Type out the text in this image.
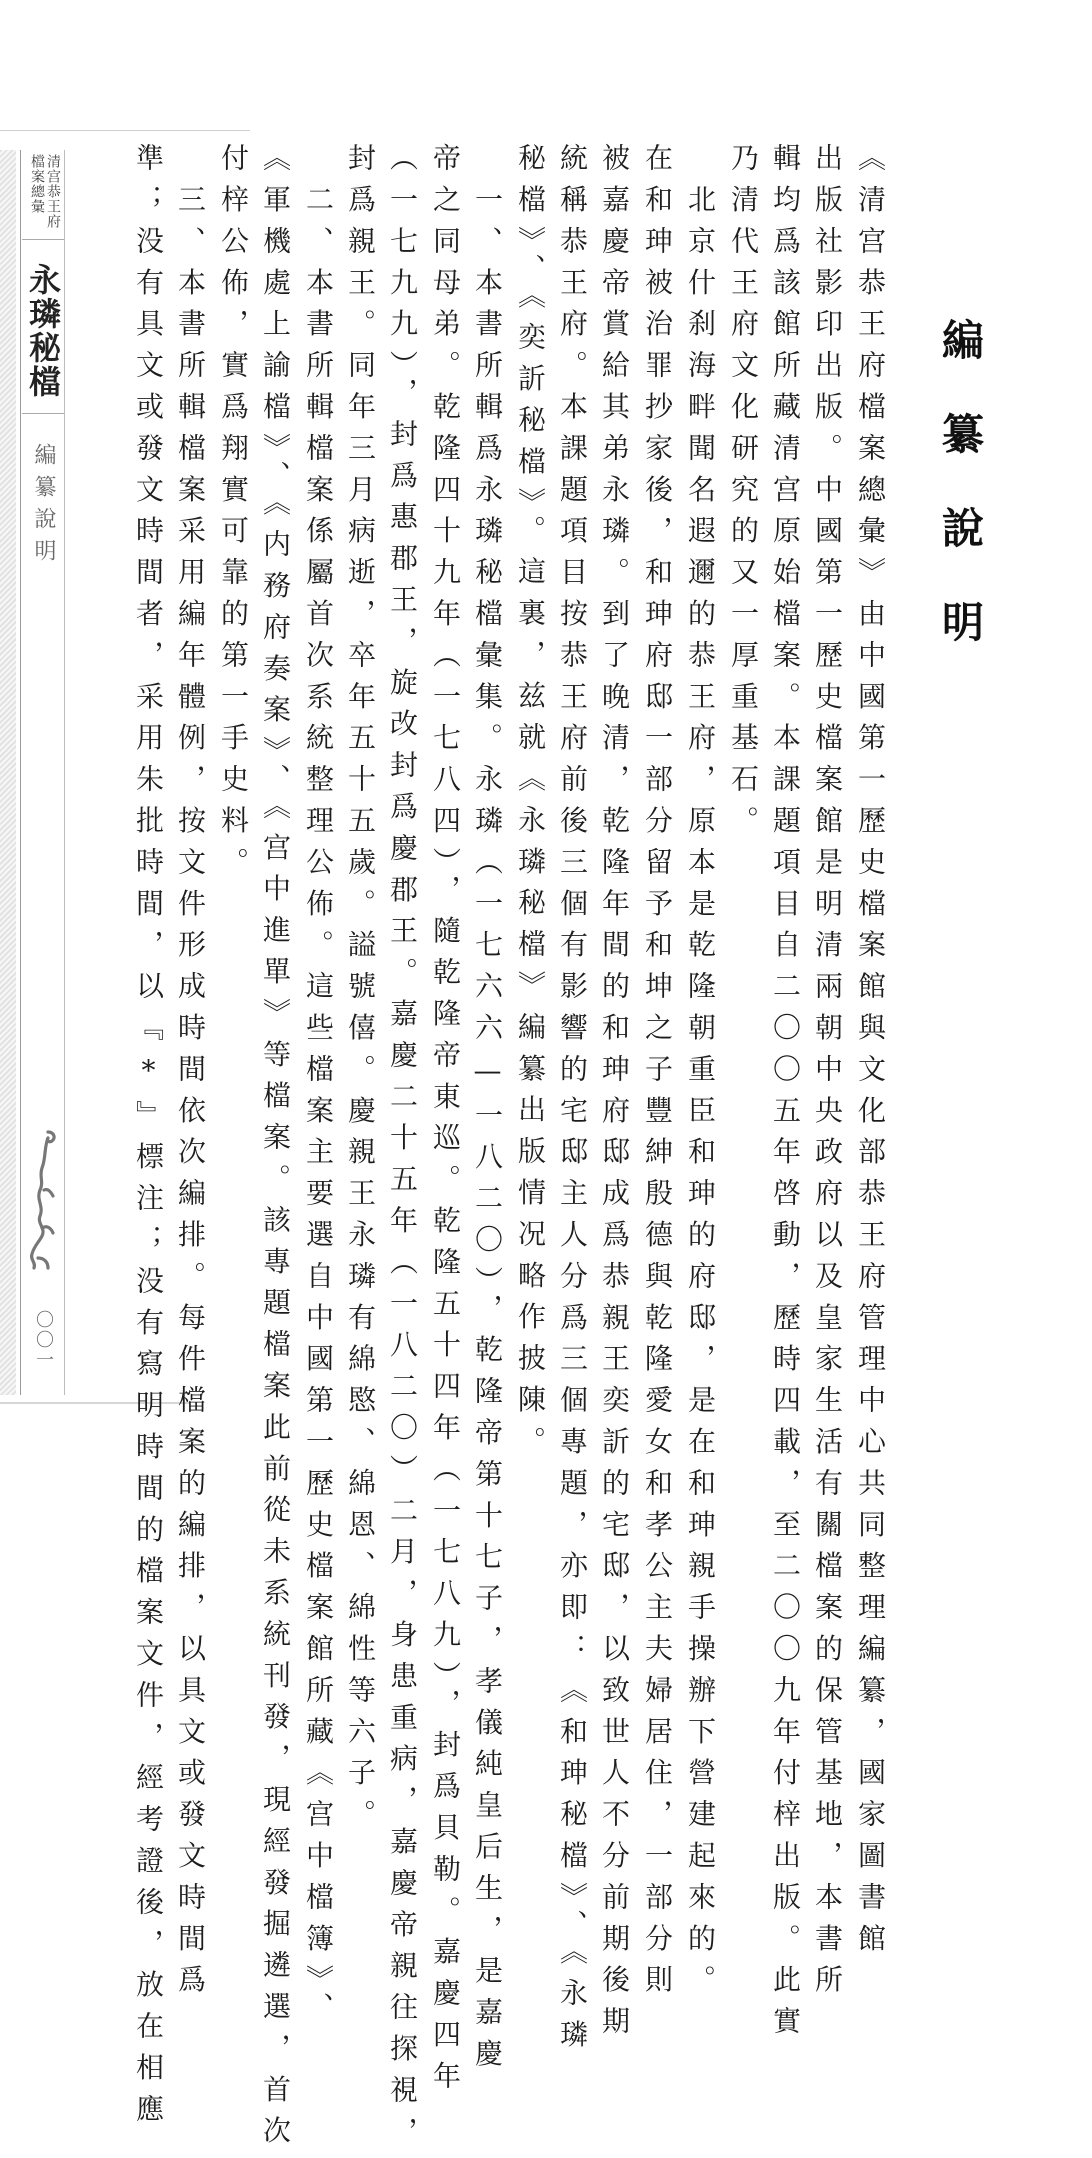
清宫恭王府檔案總彙
永璘秘檔
編纂說明
〇〇一
編纂說明
《清宫恭王府檔案總彙》由中國第一歷史檔案館與文化部恭王府管理中心共同整理編纂，國家圖書館
出版社影印出版。中國第一歷史檔案館是明清兩朝中央政府以及皇家生活有關檔案的保管基地，本書所
輯均爲該館所藏清宫原始檔案。本課題項目自二〇〇五年啓動，歷時四載，至二〇〇九年付梓出版。此實
乃清代王府文化研究的又一厚重基石。
　北京什刹海畔聞名遐邇的恭王府，原本是乾隆朝重臣和珅的府邸，是在和珅親手操辦下營建起來的。
在和珅被治罪抄家後，和珅府邸一部分留予和坤之子豐紳殷德與乾隆愛女和孝公主夫婦居住，一部分則
被嘉慶帝賞給其弟永璘。到了晚清，乾隆年間的和珅府邸成爲恭親王奕訢的宅邸，以致世人不分前期後期
統稱恭王府。本課題項目按恭王府前後三個有影響的宅邸主人分爲三個專題，亦即：《和珅秘檔》、《永璘
秘檔》、《奕訢秘檔》。這裏，兹就《永璘秘檔》編纂出版情况略作披陳。
　一、本書所輯爲永璘秘檔彙集。永璘（一七六六—一八二〇），乾隆帝第十七子，孝儀純皇后生，是嘉慶
帝之同母弟。乾隆四十九年（一七八四），隨乾隆帝東巡。乾隆五十四年（一七八九），封爲貝勒。嘉慶四年
（一七九九），封爲惠郡王，旋改封爲慶郡王。嘉慶二十五年（一八二〇）二月，身患重病，嘉慶帝親往探視，
封爲親王。同年三月病逝，卒年五十五歲。謚號僖。慶親王永璘有綿愍、綿恩、綿性等六子。
　二、本書所輯檔案係屬首次系統整理公佈。這些檔案主要選自中國第一歷史檔案館所藏《宫中檔簿》、
《軍機處上諭檔》、《内務府奏案》、《宫中進單》等檔案。該專題檔案此前從未系統刊發，現經發掘遴選，首次
付梓公佈，實爲翔實可靠的第一手史料。
　三、本書所輯檔案采用編年體例，按文件形成時間依次編排。每件檔案的編排，以具文或發文時間爲
準；没有具文或發文時間者，采用朱批時間，以『*』標注；没有寫明時間的檔案文件，經考證後，放在相應
